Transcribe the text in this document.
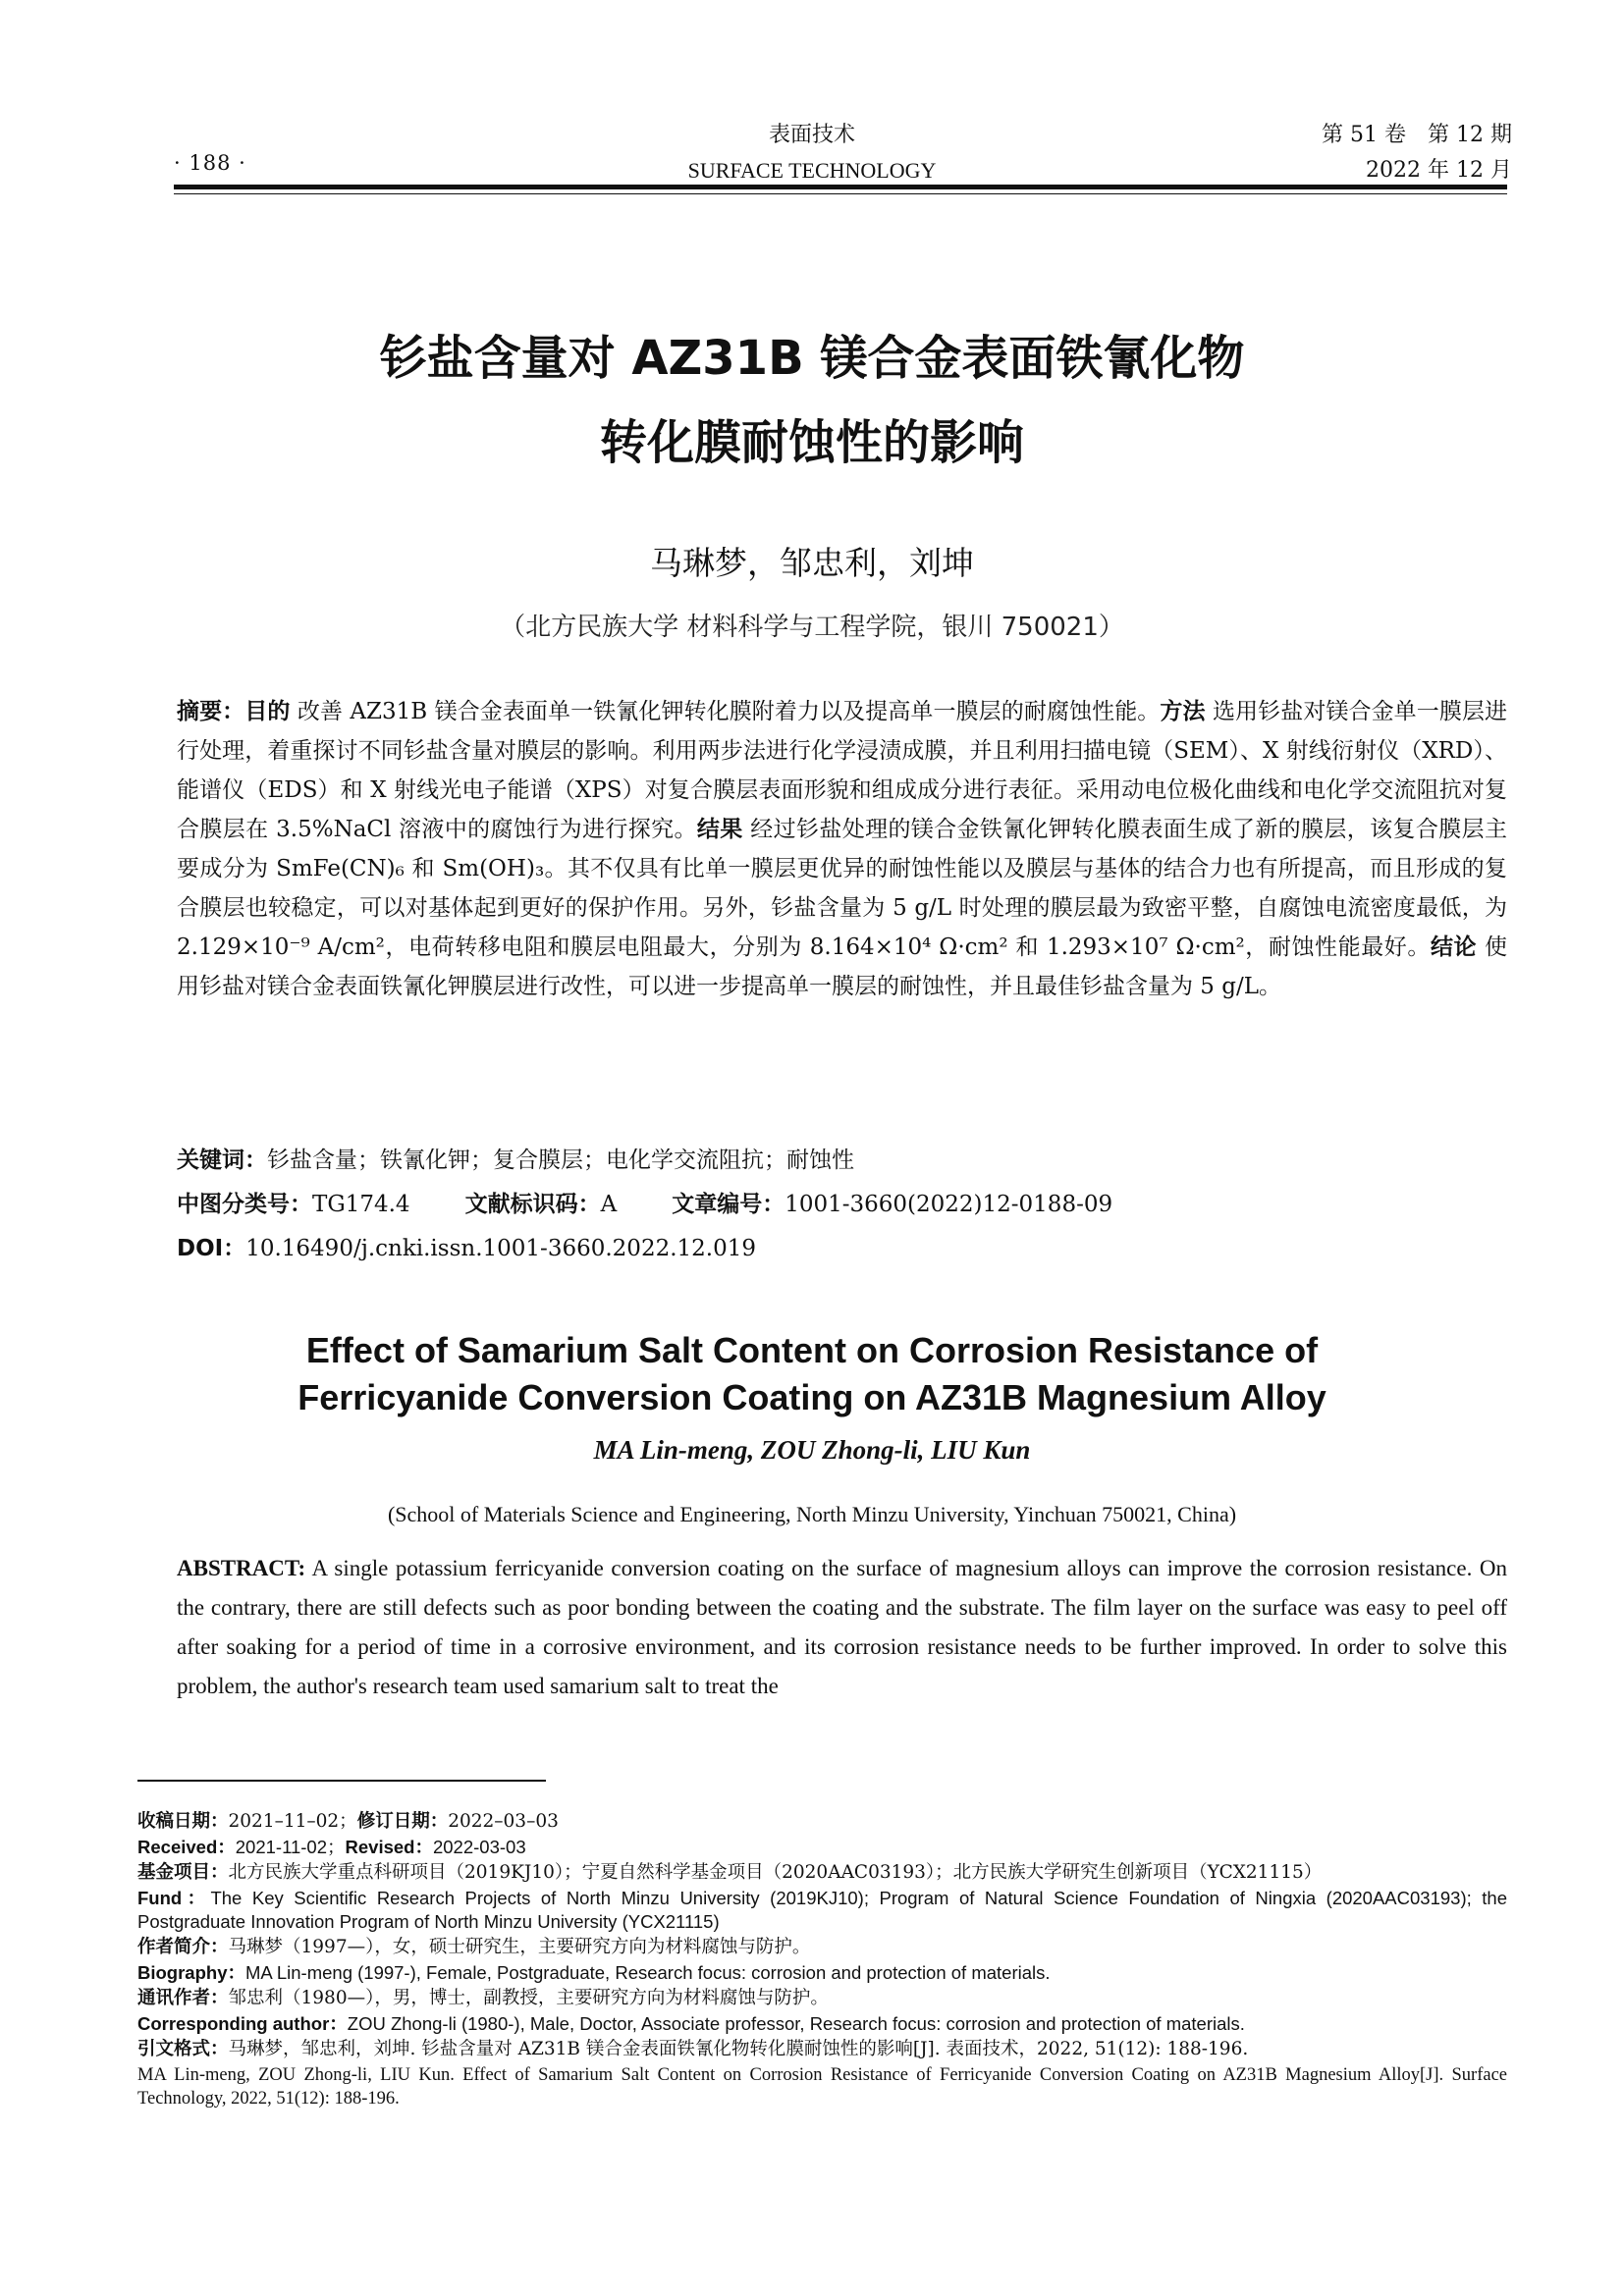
· 188 ·
表面技术
SURFACE TECHNOLOGY
第 51 卷　第 12 期
2022 年 12 月
钐盐含量对 AZ31B 镁合金表面铁氰化物
转化膜耐蚀性的影响
马琳梦，邹忠利，刘坤
（北方民族大学 材料科学与工程学院，银川 750021）
摘要：目的 改善 AZ31B 镁合金表面单一铁氰化钾转化膜附着力以及提高单一膜层的耐腐蚀性能。方法 选用钐盐对镁合金单一膜层进行处理，着重探讨不同钐盐含量对膜层的影响。利用两步法进行化学浸渍成膜，并且利用扫描电镜（SEM）、X 射线衍射仪（XRD）、能谱仪（EDS）和 X 射线光电子能谱（XPS）对复合膜层表面形貌和组成成分进行表征。采用动电位极化曲线和电化学交流阻抗对复合膜层在 3.5%NaCl 溶液中的腐蚀行为进行探究。结果 经过钐盐处理的镁合金铁氰化钾转化膜表面生成了新的膜层，该复合膜层主要成分为 SmFe(CN)₆ 和 Sm(OH)₃。其不仅具有比单一膜层更优异的耐蚀性能以及膜层与基体的结合力也有所提高，而且形成的复合膜层也较稳定，可以对基体起到更好的保护作用。另外，钐盐含量为 5 g/L 时处理的膜层最为致密平整，自腐蚀电流密度最低，为 2.129×10⁻⁹ A/cm²，电荷转移电阻和膜层电阻最大，分别为 8.164×10⁴ Ω·cm² 和 1.293×10⁷ Ω·cm²，耐蚀性能最好。结论 使用钐盐对镁合金表面铁氰化钾膜层进行改性，可以进一步提高单一膜层的耐蚀性，并且最佳钐盐含量为 5 g/L。
关键词：钐盐含量；铁氰化钾；复合膜层；电化学交流阻抗；耐蚀性
中图分类号：TG174.4 文献标识码：A 文章编号：1001-3660(2022)12-0188-09
DOI：10.16490/j.cnki.issn.1001-3660.2022.12.019
Effect of Samarium Salt Content on Corrosion Resistance of
Ferricyanide Conversion Coating on AZ31B Magnesium Alloy
MA Lin-meng, ZOU Zhong-li, LIU Kun
(School of Materials Science and Engineering, North Minzu University, Yinchuan 750021, China)
ABSTRACT: A single potassium ferricyanide conversion coating on the surface of magnesium alloys can improve the corrosion resistance. On the contrary, there are still defects such as poor bonding between the coating and the substrate. The film layer on the surface was easy to peel off after soaking for a period of time in a corrosive environment, and its corrosion resistance needs to be further improved. In order to solve this problem, the author's research team used samarium salt to treat the

收稿日期：2021–11–02；修订日期：2022–03–03

Received：2021-11-02；Revised：2022-03-03

基金项目：北方民族大学重点科研项目（2019KJ10）；宁夏自然科学基金项目（2020AAC03193）；北方民族大学研究生创新项目（YCX21115）

Fund：The Key Scientific Research Projects of North Minzu University (2019KJ10); Program of Natural Science Foundation of Ningxia (2020AAC03193); the Postgraduate Innovation Program of North Minzu University (YCX21115)

作者简介：马琳梦（1997—），女，硕士研究生，主要研究方向为材料腐蚀与防护。

Biography：MA Lin-meng (1997-), Female, Postgraduate, Research focus: corrosion and protection of materials.

通讯作者：邹忠利（1980—），男，博士，副教授，主要研究方向为材料腐蚀与防护。

Corresponding author：ZOU Zhong-li (1980-), Male, Doctor, Associate professor, Research focus: corrosion and protection of materials.

引文格式：马琳梦，邹忠利，刘坤. 钐盐含量对 AZ31B 镁合金表面铁氰化物转化膜耐蚀性的影响[J]. 表面技术，2022, 51(12): 188-196.

MA Lin-meng, ZOU Zhong-li, LIU Kun. Effect of Samarium Salt Content on Corrosion Resistance of Ferricyanide Conversion Coating on AZ31B Magnesium Alloy[J]. Surface Technology, 2022, 51(12): 188-196.
